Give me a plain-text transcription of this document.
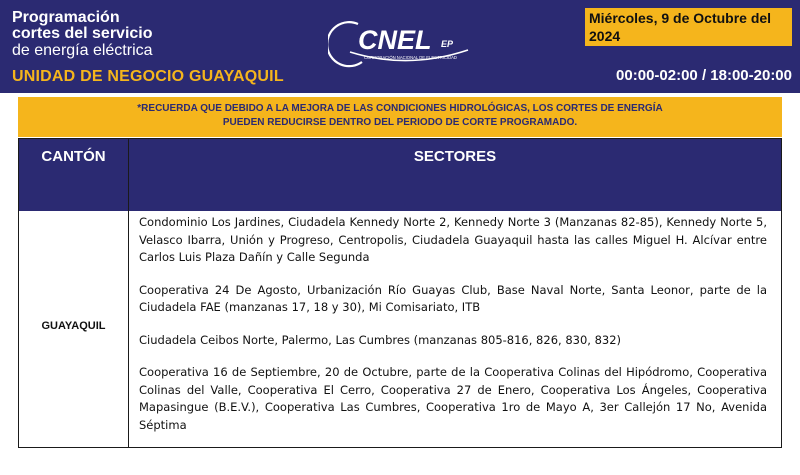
Programación
cortes del servicio
de energía eléctrica
UNIDAD DE NEGOCIO GUAYAQUIL
CNEL EP
CORPORACIÓN NACIONAL DE ELECTRICIDAD
Miércoles, 9 de Octubre del 2024
00:00-02:00 / 18:00-20:00
*RECUERDA QUE DEBIDO A LA MEJORA DE LAS CONDICIONES HIDROLÓGICAS, LOS CORTES DE ENERGÍA
PUEDEN REDUCIRSE DENTRO DEL PERIODO DE CORTE PROGRAMADO.
CANTÓN	SECTORES
GUAYAQUIL

Condominio Los Jardines, Ciudadela Kennedy Norte 2, Kennedy Norte 3 (Manzanas 82-85), Kennedy Norte 5, Velasco Ibarra, Unión y Progreso, Centropolis, Ciudadela Guayaquil hasta las calles Miguel H. Alcívar entre Carlos Luis Plaza Dañín y Calle Segunda

Cooperativa 24 De Agosto, Urbanización Río Guayas Club, Base Naval Norte, Santa Leonor, parte de la Ciudadela FAE (manzanas 17, 18 y 30), Mi Comisariato, ITB

Ciudadela Ceibos Norte, Palermo, Las Cumbres (manzanas 805-816, 826, 830, 832)

Cooperativa 16 de Septiembre, 20 de Octubre, parte de la Cooperativa Colinas del Hipódromo, Cooperativa Colinas del Valle, Cooperativa El Cerro, Cooperativa 27 de Enero, Cooperativa Los Ángeles, Cooperativa Mapasingue (B.E.V.), Cooperativa Las Cumbres, Cooperativa 1ro de Mayo A, 3er Callejón 17 No, Avenida Séptima
